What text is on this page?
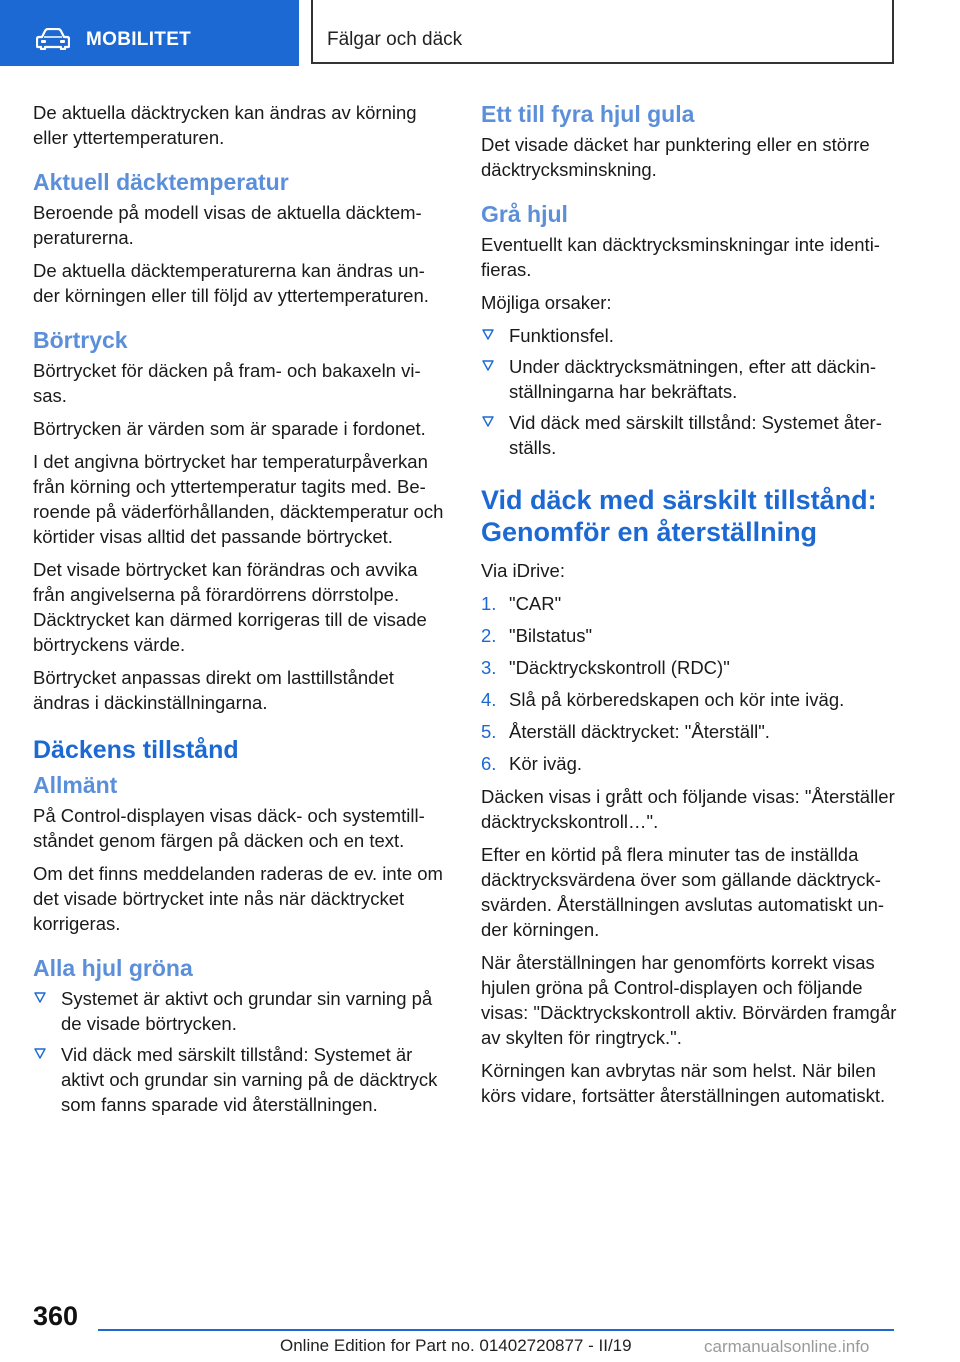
MOBILITET	Fälgar och däck

De aktuella däcktrycken kan ändras av körning eller yttertemperaturen.

Aktuell däcktemperatur

Beroende på modell visas de aktuella däcktem- peraturerna.

De aktuella däcktemperaturerna kan ändras un- der körningen eller till följd av yttertemperaturen.

Börtryck

Börtrycket för däcken på fram- och bakaxeln vi- sas.

Börtrycken är värden som är sparade i fordonet.

I det angivna börtrycket har temperaturpåverkan från körning och yttertemperatur tagits med. Be- roende på väderförhållanden, däcktemperatur och körtider visas alltid det passande börtrycket.

Det visade börtrycket kan förändras och avvika från angivelserna på förardörrens dörrstolpe. Däcktrycket kan därmed korrigeras till de visade börtryckens värde.

Börtrycket anpassas direkt om lasttillståndet ändras i däckinställningarna.

Däckens tillstånd
Allmänt

På Control-displayen visas däck- och systemtill- ståndet genom färgen på däcken och en text.

Om det finns meddelanden raderas de ev. inte om det visade börtrycket inte nås när däcktrycket korrigeras.

Alla hjul gröna
Systemet är aktivt och grundar sin varning på de visade börtrycken.
Vid däck med särskilt tillstånd: Systemet är aktivt och grundar sin varning på de däcktryck som fanns sparade vid återställningen.
Ett till fyra hjul gula

Det visade däcket har punktering eller en större däcktrycksminskning.

Grå hjul

Eventuellt kan däcktrycksminskningar inte identi- fieras.

Möjliga orsaker:

Funktionsfel.
Under däcktrycksmätningen, efter att däckin- ställningarna har bekräftats.
Vid däck med särskilt tillstånd: Systemet åter- ställs.
Vid däck med särskilt tillstånd: Genomför en återställning

Via iDrive:

1. "CAR"
2. "Bilstatus"
3. "Däcktryckskontroll (RDC)"
4. Slå på körberedskapen och kör inte iväg.
5. Återställ däcktrycket: "Återställ".
6. Kör iväg.

Däcken visas i grått och följande visas: "Återställer däcktryckskontroll…".

Efter en körtid på flera minuter tas de inställda däcktrycksvärdena över som gällande däcktryck- svärden. Återställningen avslutas automatiskt un- der körningen.

När återställningen har genomförts korrekt visas hjulen gröna på Control-displayen och följande visas: "Däcktryckskontroll aktiv. Börvärden framgår av skylten för ringtryck.".

Körningen kan avbrytas när som helst. När bilen körs vidare, fortsätter återställningen automatiskt.

360
Online Edition for Part no. 01402720877 - II/19	carmanualsonline.info
